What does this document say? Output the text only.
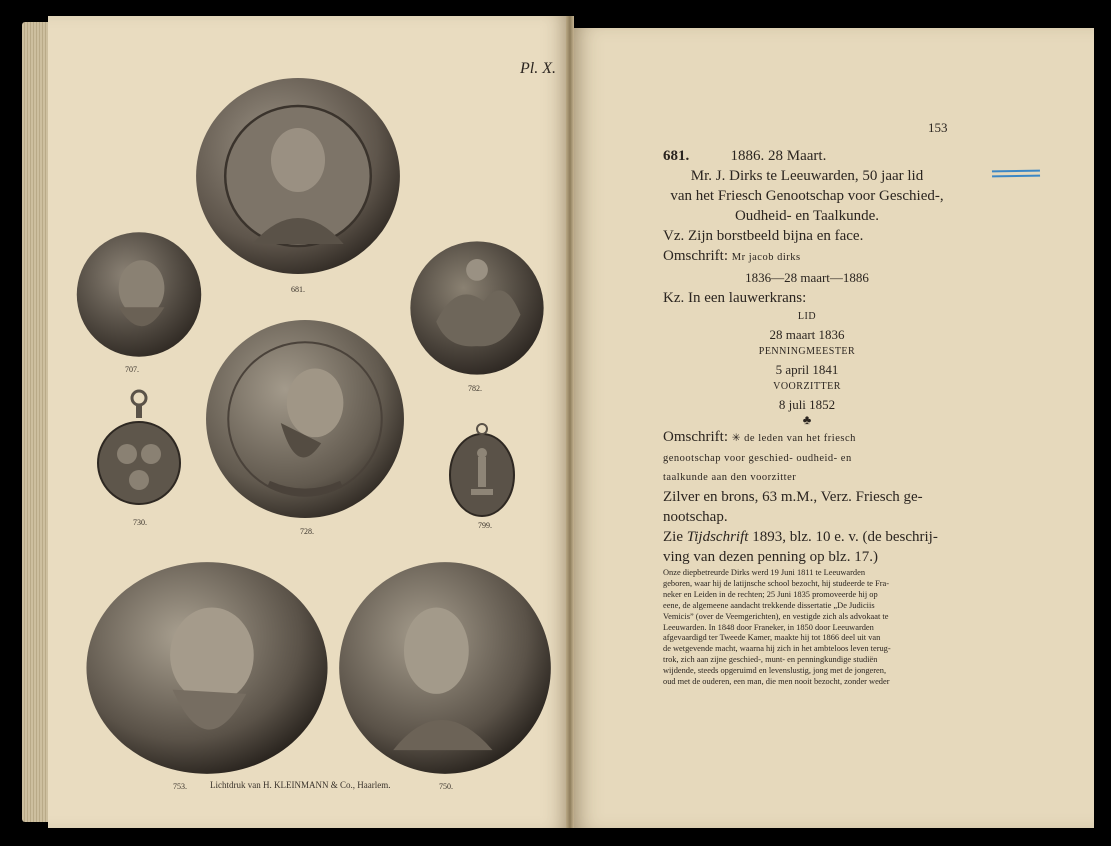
Pl. X.
681.
707.
782.
728.
730.	799.
753.	750.
Lichtdruk van H. KLEINMANN & Co., Haarlem.
153
681.	1886. 28 Maart.
Mr. J. Dirks te Leeuwarden, 50 jaar lid
van het Friesch Genootschap voor Geschied-,
Oudheid- en Taalkunde.
Vz. Zijn borstbeeld bijna en face.
Omschrift: Mr jacob dirks
1836—28 maart—1886
Kz. In een lauwerkrans:
LID
28 maart 1836
PENNINGMEESTER
5 april 1841
VOORZITTER
8 juli 1852
♣
Omschrift: ✳ de leden van het friesch
genootschap voor geschied- oudheid- en
taalkunde aan den voorzitter
Zilver en brons, 63 m.M., Verz. Friesch ge-
nootschap.
Zie Tijdschrift 1893, blz. 10 e. v. (de beschrij-
ving van dezen penning op blz. 17.)
Onze diepbetreurde Dirks werd 19 Juni 1811 te Leeuwarden
geboren, waar hij de latijnsche school bezocht, hij studeerde te Fra-
neker en Leiden in de rechten; 25 Juni 1835 promoveerde hij op
eene, de algemeene aandacht trekkende dissertatie „De Judiciis
Vemicis” (over de Veemgerichten), en vestigde zich als advokaat te
Leeuwarden. In 1848 door Franeker, in 1850 door Leeuwarden
afgevaardigd ter Tweede Kamer, maakte hij tot 1866 deel uit van
de wetgevende macht, waarna hij zich in het ambteloos leven terug-
trok, zich aan zijne geschied-, munt- en penningkundige studiën
wijdende, steeds opgeruimd en levenslustig, jong met de jongeren,
oud met de ouderen, een man, die men nooit bezocht, zonder weder
